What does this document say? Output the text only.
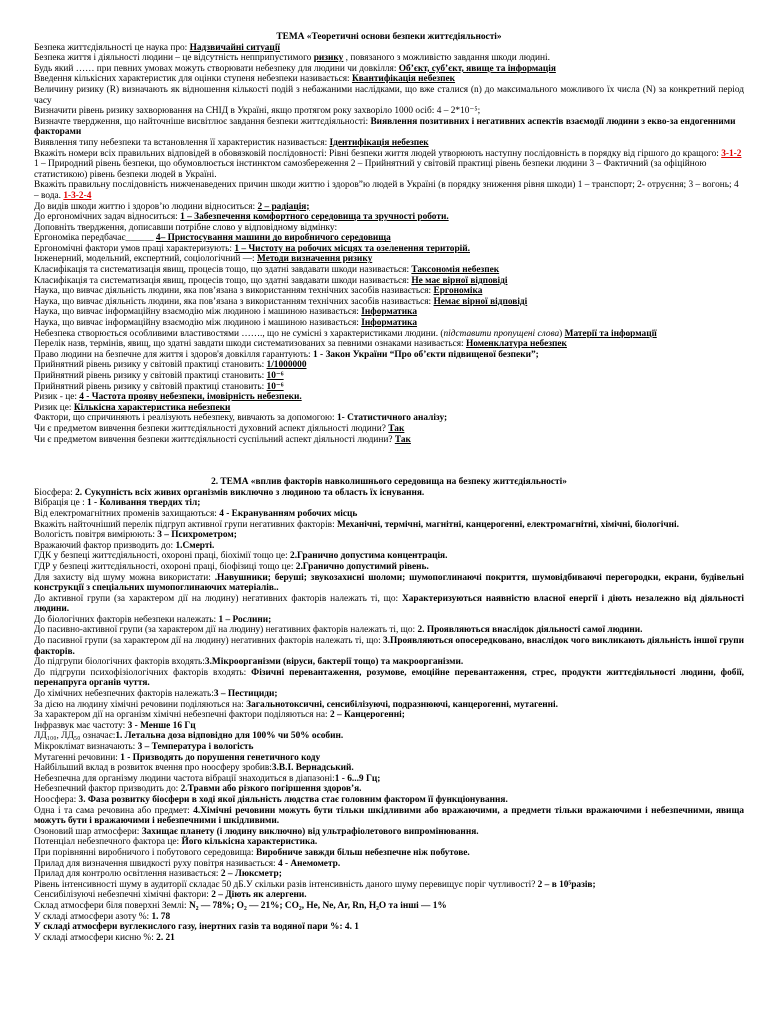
ТЕМА «Теоретичні основи безпеки життєдіяльності»

Безпека життєдіяльності це наука про: Надзвичайні ситуації

Безпека життя і діяльності людини – це відсутність непприпустимого ризику , повязаного з можливістю завдання шкоди людині.

Будь який …… при певних умовах можуть створювати небезпеку для людини чи довкілля: Об’єкт, суб’єкт, явище та інформація

Введення кількісних характеристик для оцінки ступеня небезпеки називається: Квантифікація небезпек

Величину ризику (R) визначають як відношення кількості подій з небажаними наслідками, що вже сталися (n) до максимального можливого їх числа (N) за конкретний період часу

Визначити рівень ризику захворювання на СНІД в Україні, якщо протягом року захворіло 1000 осіб: 4 – 2*10⁻⁵;

Визначте твердження, що найточніше висвітлює завдання безпеки життєдіяльності: Виявлення позитивних і негативних аспектів взаємодії людини з екво-за ендогенними факторами

Виявлення типу небезпеки та встановлення її характеристик називається: Ідентифікація небезпек

Вкажіть номери всіх правильних відповідей в обовязковій послідовності: Рівні безпеки життя людей утворюють наступну послідовність в порядку від гіршого до кращого: 3-1-2 1 – Природний рівень безпеки, що обумовлюється інстинктом самозбереження 2 – Прийнятний у світовій практиці рівень безпеки людини 3 – Фактичний (за офіційною статистикою) рівень безпеки людей в Україні.

Вкажіть правильну послідовність нижченаведених причин шкоди життю і здоров”ю людей в Україні (в порядку зниження рівня шкоди) 1 – транспорт; 2- отруєння; 3 – вогонь; 4 – вода. 1-3-2-4

До видів шкоди життю і здоров’ю людини відноситься: 2 – радіація;

До ергономічних задач відноситься: 1 – Забезпечення комфортного середовища та зручності роботи.

Доповніть твердження, дописавши потрібне слово у відповідному відмінку:

Ергономіка передбачає______ 4– Пристосування машини до виробничого середовища

Ергономічні фактори умов праці характеризують: 1 – Чистоту на робочих місцях та озеленення територій.

Інженерний, модельний, експертний, соціологічний —: Методи визначення ризику

Класифікація та систематизація явищ, процесів тощо, що здатні завдавати шкоди називається: Таксономія небезпек

Класифікація та систематизація явищ, процесів тощо, що здатні завдавати шкоди називається: Не має вірної відповіді

Наука, що вивчає діяльність людини, яка пов’язана з використанням технічних засобів називається: Ергономіка

Наука, що вивчає діяльність людини, яка пов’язана з використанням технічних засобів називається: Немає вірної відповіді

Наука, що вивчає інформаційну взаємодію між людиною і машиною називається: Інформатика

Наука, що вивчає інформаційну взаємодію між людиною і машиною називається: Інформатика

Небезпека створюється особливими властивостями ……., що не сумісні з характеристиками людини. (підставити пропущені слова) Матерії та інформації

Перелік назв, термінів, явищ, що здатні завдати шкоди систематизованих за певними ознаками називається: Номенклатура небезпек

Право людини на безпечне для життя і здоров'я довкілля гарантують: 1 - Закон України “Про об’єкти підвищеної безпеки”;

Прийнятний рівень ризику у світовій практиці становить: 1/1000000

Прийнятний рівень ризику у світовій практиці становить: 10⁻⁶

Прийнятний рівень ризику у світовій практиці становить: 10⁻⁶

Ризик - це: 4 - Частота прояву небезпеки, імовірність небезпеки.

Ризик це: Кількісна характеристика небезпеки

Фактори, що спричиняють і реалізують небезпеку, вивчають за допомогою: 1- Статистичного аналізу;

Чи є предметом вивчення безпеки життєдіяльності духовний аспект діяльності людини? Так

Чи є предметом вивчення безпеки життєдіяльності суспільний аспект діяльності людини? Так

2. ТЕМА «вплив факторів навколишнього середовища на безпеку життєдіяльності»

Біосфера: 2. Сукупність всіх живих організмів виключно з людиною та область їх існування.

Вібрація це : 1 - Коливання твердих тіл;

Від електромагнітних променів захищаються: 4 - Екрануванням робочих місць

Вкажіть найточніший перелік підгруп активної групи негативних факторів: Механічні, термічні, магнітні, канцерогенні, електромагнітні, хімічні, біологічні.

Вологість повітря вимірюють: 3 – Психрометром;

Вражаючий фактор призводить до: 1.Смерті.

ГДК у безпеці життєдіяльності, охороні праці, біохімії тощо це: 2.Гранично допустима концентрація.

ГДР у безпеці життєдіяльності, охороні праці, біофізиці тощо це: 2.Гранично допустимий рівень.

Для захисту від шуму можна використати: .Навушники; беруші; звукозахисні шоломи; шумопоглинаючі покриття, шумовідбиваючі перегородки, екрани, будівельні конструкції з спеціальних шумопоглинаючих матеріалів..

До активної групи (за характером дії на людину) негативних факторів належать ті, що: Характеризуються наявністю власної енергії і діють незалежно від діяльності людини.

До біологічних факторів небезпеки належать: 1 – Рослини;

До пасивно-активної групи (за характером дії на людину) негативних факторів належать ті, що: 2. Проявляються внаслідок діяльності самої людини.

До пасивної групи (за характером дії на людину) негативних факторів належать ті, що: 3.Проявляються опосередковано, внаслідок чого викликають діяльність іншої групи факторів.

До підгрупи біологічних факторів входять:3.Мікроорганізми (віруси, бактерії тощо) та макроорганізми.

До підгрупи психофізіологічних факторів входять: Фізичні перевантаження, розумове, емоційне перевантаження, стрес, продукти життєдіяльності людини, фобії, перенапруга органів чуття.

До хімічних небезпечних факторів належать:3 – Пестициди;

За дією на людину хімічні речовини поділяються на: Загальнотоксичні, сенсибілізуючі, подразнюючі, канцерогенні, мутагенні.

За характером дії на організм хімічні небезпечні фактори поділяються на: 2 – Канцерогенні;

Інфразвук має частоту: 3 - Менше 16 Гц

ЛД₁₀₀, ЛД₅₀ означає:1. Летальна доза відповідно для 100% чи 50% особин.

Мікроклімат визначають: 3 – Температура і вологість

Мутагенні речовини: 1 - Призводять до порушення генетичного коду

Найбільший вклад в розвиток вчення про ноосферу зробив:3.В.І. Вернадський.

Небезпечна для організму людини частота вібрації знаходиться в діапазоні:1 - 6...9 Гц;

Небезпечний фактор призводить до: 2.Травми або різкого погіршення здоров’я.

Ноосфера: 3. Фаза розвитку біосфери в ході якої діяльність людства стає головним фактором її функціонування.

Одна і та сама речовина або предмет: 4.Хімічні речовини можуть бути тільки шкідливими або вражаючими, а предмети тільки вражаючими і небезпечними, явища можуть бути і вражаючими і небезпечними і шкідливими.

Озоновий шар атмосфери: Захищає планету (і людину виключно) від ультрафіолетового випромінювання.

Потенціал небезпечного фактора це: Його кількісна характеристика.

При порівнянні виробничого і побутового середовища: Виробниче завжди більш небезпечне ніж побутове.

Прилад для визначення швидкості руху повітря називається: 4 - Анемометр.

Прилад для контролю освітлення називається: 2 – Люксметр;

Рівень інтенсивності шуму в аудиторії складає 50 дБ.У скільки разів інтенсивність даного шуму перевищує поріг чутливості? 2 – в 10⁵разів;

Сенсибілізуючі небезпечні хімічні фактори: 2 – Діють як алергени.

Склад атмосфери біля поверхні Землі: N₂ — 78%; O₂ — 21%; CO₂, He, Ne, Ar, Rn, H₂O та інші — 1%

У складі атмосфери азоту %: 1. 78

У складі атмосфери вуглекислого газу, інертних газів та водяної пари %: 4. 1

У складі атмосфери кисню %: 2. 21
